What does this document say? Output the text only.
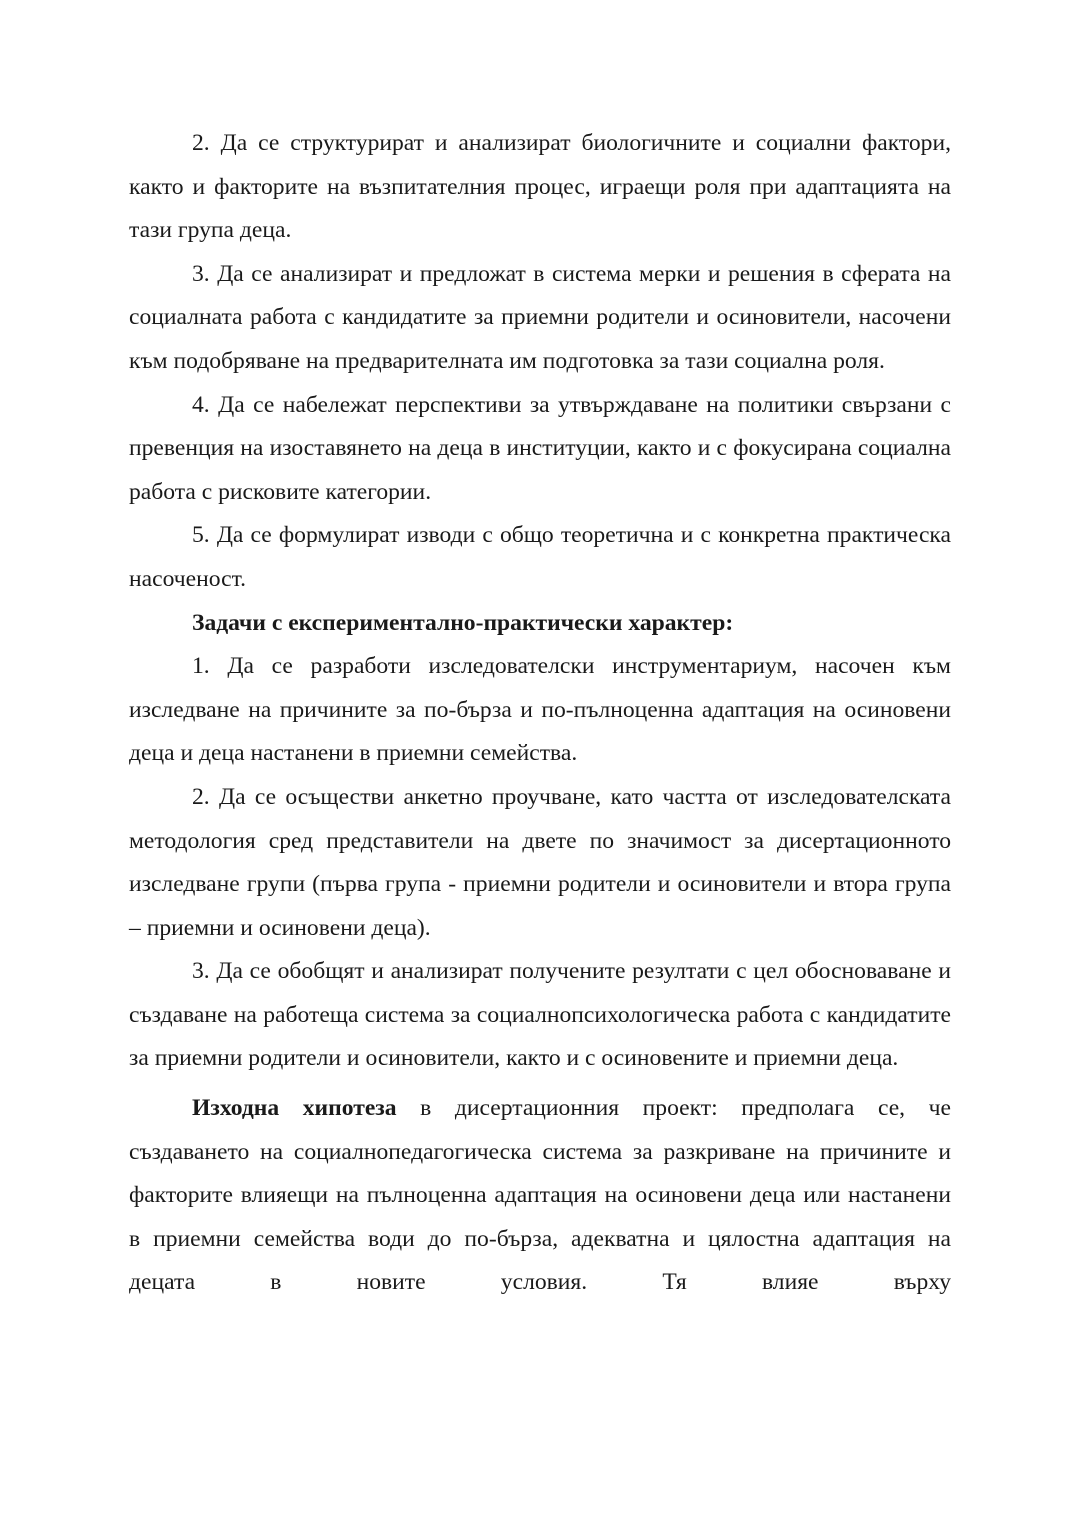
2. Да се структурират и анализират биологичните и социални фактори, както и факторите на възпитателния процес, играещи роля при адаптацията на тази група деца.

3. Да се анализират и предложат в система мерки и решения в сферата на социалната работа с кандидатите за приемни родители и осиновители, насочени към подобряване на предварителната им подготовка за тази социална роля.

4. Да се набележат перспективи за утвърждаване на политики свързани с превенция на изоставянето на деца в институции, както и с фокусирана социална работа с рисковите категории.

5. Да се формулират изводи с общо теоретична и с конкретна практическа насоченост.

Задачи с експериментално-практически характер:

1. Да се разработи изследователски инструментариум, насочен към изследване на причините за по-бърза и по-пълноценна адаптация на осиновени деца и деца настанени в приемни семейства.

2. Да се осъществи анкетно проучване, като частта от изследователската методология сред представители на двете по значимост за дисертационното изследване групи (първа група - приемни родители и осиновители и втора група – приемни и осиновени деца).

3. Да се обобщят и анализират получените резултати с цел обосноваване и създаване на работеща система за социалнопсихологическа работа с кандидатите за приемни родители и осиновители, както и с осиновените и приемни деца.

Изходна хипотеза в дисертационния проект: предполага се, че създаването на социалнопедагогическа система за разкриване на причините и факторите влияещи на пълноценна адаптация на осиновени деца или настанени в приемни семейства води до по-бърза, адекватна и цялостна адаптация на децата в новите условия. Тя влияе върху
